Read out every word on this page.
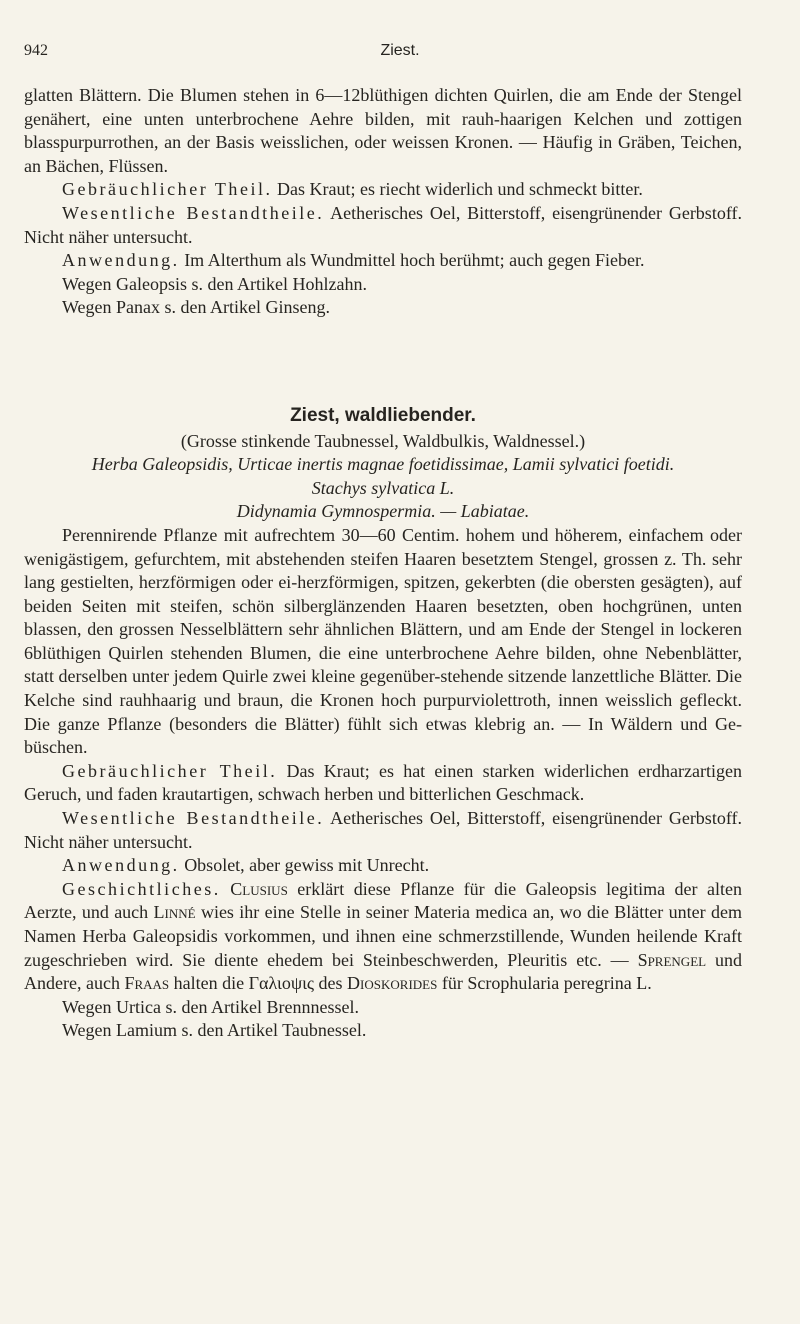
942	Ziest.

glatten Blättern. Die Blumen stehen in 6—12blüthigen dichten Quirlen, die am Ende der Stengel genähert, eine unten unterbrochene Aehre bilden, mit rauh-haarigen Kelchen und zottigen blasspurpurrothen, an der Basis weisslichen, oder weissen Kronen. — Häufig in Gräben, Teichen, an Bächen, Flüssen.

Gebräuchlicher Theil. Das Kraut; es riecht widerlich und schmeckt bitter.

Wesentliche Bestandtheile. Aetherisches Oel, Bitterstoff, eisengrünender Gerbstoff. Nicht näher untersucht.

Anwendung. Im Alterthum als Wundmittel hoch berühmt; auch gegen Fieber.

Wegen Galeopsis s. den Artikel Hohlzahn.

Wegen Panax s. den Artikel Ginseng.

Ziest, waldliebender.

(Grosse stinkende Taubnessel, Waldbulkis, Waldnessel.)

Herba Galeopsidis, Urticae inertis magnae foetidissimae, Lamii sylvatici foetidi.

Stachys sylvatica L.

Didynamia Gymnospermia. — Labiatae.

Perennirende Pflanze mit aufrechtem 30—60 Centim. hohem und höherem, einfachem oder wenigästigem, gefurchtem, mit abstehenden steifen Haaren besetztem Stengel, grossen z. Th. sehr lang gestielten, herzförmigen oder ei-herzförmigen, spitzen, gekerbten (die obersten gesägten), auf beiden Seiten mit steifen, schön silberglänzenden Haaren besetzten, oben hochgrünen, unten blassen, den grossen Nesselblättern sehr ähnlichen Blättern, und am Ende der Stengel in lockeren 6blüthigen Quirlen stehenden Blumen, die eine unterbrochene Aehre bilden, ohne Nebenblätter, statt derselben unter jedem Quirle zwei kleine gegenüber-stehende sitzende lanzettliche Blätter. Die Kelche sind rauhhaarig und braun, die Kronen hoch purpurviolettroth, innen weisslich gefleckt. Die ganze Pflanze (besonders die Blätter) fühlt sich etwas klebrig an. — In Wäldern und Ge-büschen.

Gebräuchlicher Theil. Das Kraut; es hat einen starken widerlichen erdharzartigen Geruch, und faden krautartigen, schwach herben und bitterlichen Geschmack.

Wesentliche Bestandtheile. Aetherisches Oel, Bitterstoff, eisengrünender Gerbstoff. Nicht näher untersucht.

Anwendung. Obsolet, aber gewiss mit Unrecht.

Geschichtliches. Clusius erklärt diese Pflanze für die Galeopsis legitima der alten Aerzte, und auch Linné wies ihr eine Stelle in seiner Materia medica an, wo die Blätter unter dem Namen Herba Galeopsidis vorkommen, und ihnen eine schmerzstillende, Wunden heilende Kraft zugeschrieben wird. Sie diente ehedem bei Steinbeschwerden, Pleuritis etc. — Sprengel und Andere, auch Fraas halten die Γαλιοψις des Dioskorides für Scrophularia peregrina L.

Wegen Urtica s. den Artikel Brennnessel.

Wegen Lamium s. den Artikel Taubnessel.
